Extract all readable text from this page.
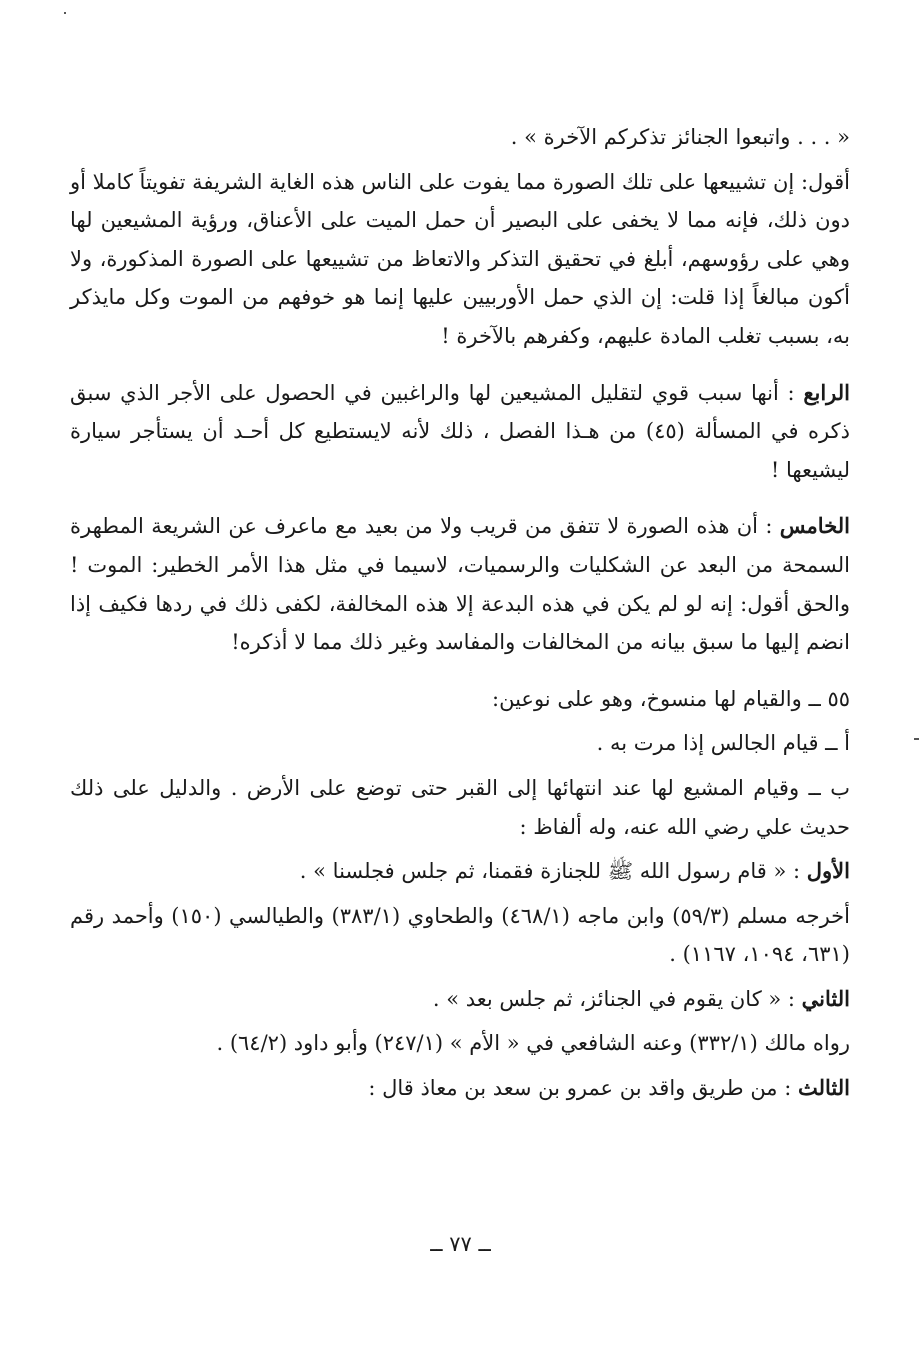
« . . . واتبعوا الجنائز تذكركم الآخرة » .

أقول: إن تشييعها على تلك الصورة مما يفوت على الناس هذه الغاية الشريفة تفويتاً كاملا أو دون ذلك، فإنه مما لا يخفى على البصير أن حمل الميت على الأعناق، ورؤية المشيعين لها وهي على رؤوسهم، أبلغ في تحقيق التذكر والاتعاظ من تشييعها على الصورة المذكورة، ولا أكون مبالغاً إذا قلت: إن الذي حمل الأوربيين عليها إنما هو خوفهم من الموت وكل مايذكر به، بسبب تغلب المادة عليهم، وكفرهم بالآخرة !

الرابع : أنها سبب قوي لتقليل المشيعين لها والراغبين في الحصول على الأجر الذي سبق ذكره في المسألة (٤٥) من هـذا الفصل ، ذلك لأنه لايستطيع كل أحـد أن يستأجر سيارة ليشيعها !

الخامس : أن هذه الصورة لا تتفق من قريب ولا من بعيد مع ماعرف عن الشريعة المطهرة السمحة من البعد عن الشكليات والرسميات، لاسيما في مثل هذا الأمر الخطير: الموت ! والحق أقول: إنه لو لم يكن في هذه البدعة إلا هذه المخالفة، لكفى ذلك في ردها فكيف إذا انضم إليها ما سبق بيانه من المخالفات والمفاسد وغير ذلك مما لا أذكره!

٥٥ ــ والقيام لها منسوخ، وهو على نوعين:

أ ــ قيام الجالس إذا مرت به .

ب ــ وقيام المشيع لها عند انتهائها إلى القبر حتى توضع على الأرض . والدليل على ذلك حديث علي رضي الله عنه، وله ألفاظ :

الأول : « قام رسول الله ﷺ للجنازة فقمنا، ثم جلس فجلسنا » .

أخرجه مسلم (٥٩/٣) وابن ماجه (٤٦٨/١) والطحاوي (٣٨٣/١) والطيالسي (١٥٠) وأحمد رقم (٦٣١، ١٠٩٤، ١١٦٧) .

الثاني : « كان يقوم في الجنائز، ثم جلس بعد » .

رواه مالك (٣٣٢/١) وعنه الشافعي في « الأم » (٢٤٧/١) وأبو داود (٦٤/٢) .

الثالث : من طريق واقد بن عمرو بن سعد بن معاذ قال :

ــ ٧٧ ــ
